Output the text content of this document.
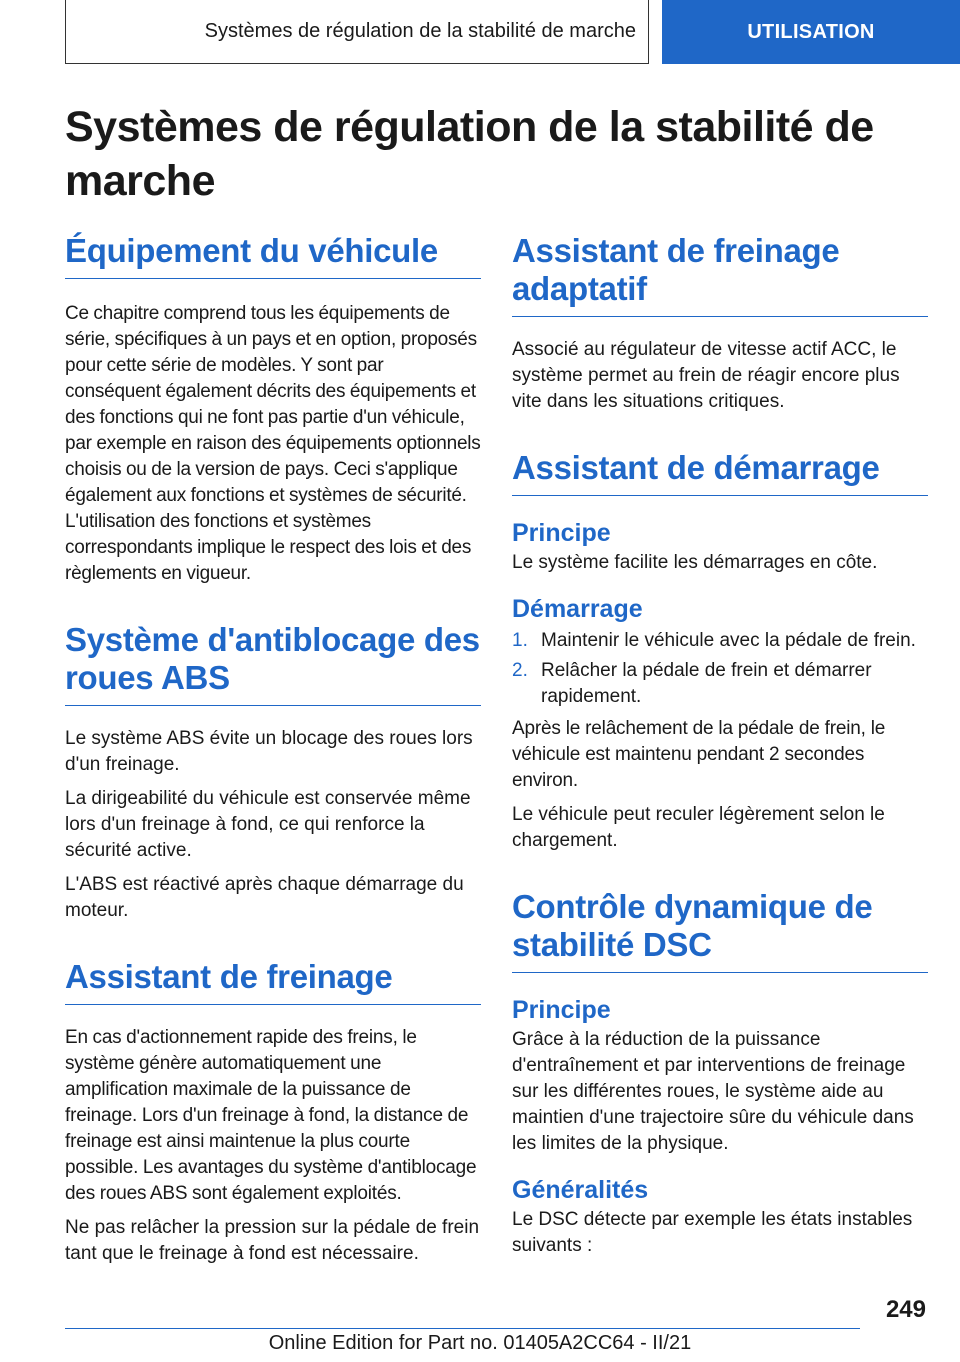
Systèmes de régulation de la stabilité de marche	UTILISATION
Systèmes de régulation de la stabilité de marche
Équipement du véhicule

Ce chapitre comprend tous les équipements de série, spécifiques à un pays et en option, proposés pour cette série de modèles. Y sont par conséquent également décrits des équipements et des fonctions qui ne font pas partie d'un véhicule, par exemple en raison des équipements optionnels choisis ou de la version de pays. Ceci s'applique également aux fonctions et systèmes de sécurité. L'utilisation des fonctions et systèmes correspondants implique le respect des lois et des règlements en vigueur.

Système d'antiblocage des roues ABS

Le système ABS évite un blocage des roues lors d'un freinage.

La dirigeabilité du véhicule est conservée même lors d'un freinage à fond, ce qui renforce la sécurité active.

L'ABS est réactivé après chaque démarrage du moteur.

Assistant de freinage

En cas d'actionnement rapide des freins, le système génère automatiquement une amplification maximale de la puissance de freinage. Lors d'un freinage à fond, la distance de freinage est ainsi maintenue la plus courte possible. Les avantages du système d'antiblocage des roues ABS sont également exploités.

Ne pas relâcher la pression sur la pédale de frein tant que le freinage à fond est nécessaire.

Assistant de freinage adaptatif

Associé au régulateur de vitesse actif ACC, le système permet au frein de réagir encore plus vite dans les situations critiques.

Assistant de démarrage
Principe

Le système facilite les démarrages en côte.

Démarrage
1. Maintenir le véhicule avec la pédale de frein.
2. Relâcher la pédale de frein et démarrer rapidement.

Après le relâchement de la pédale de frein, le véhicule est maintenu pendant 2 secondes environ.

Le véhicule peut reculer légèrement selon le chargement.

Contrôle dynamique de stabilité DSC
Principe

Grâce à la réduction de la puissance d'entraînement et par interventions de freinage sur les différentes roues, le système aide au maintien d'une trajectoire sûre du véhicule dans les limites de la physique.

Généralités

Le DSC détecte par exemple les états instables suivants :

249
Online Edition for Part no. 01405A2CC64 - II/21
